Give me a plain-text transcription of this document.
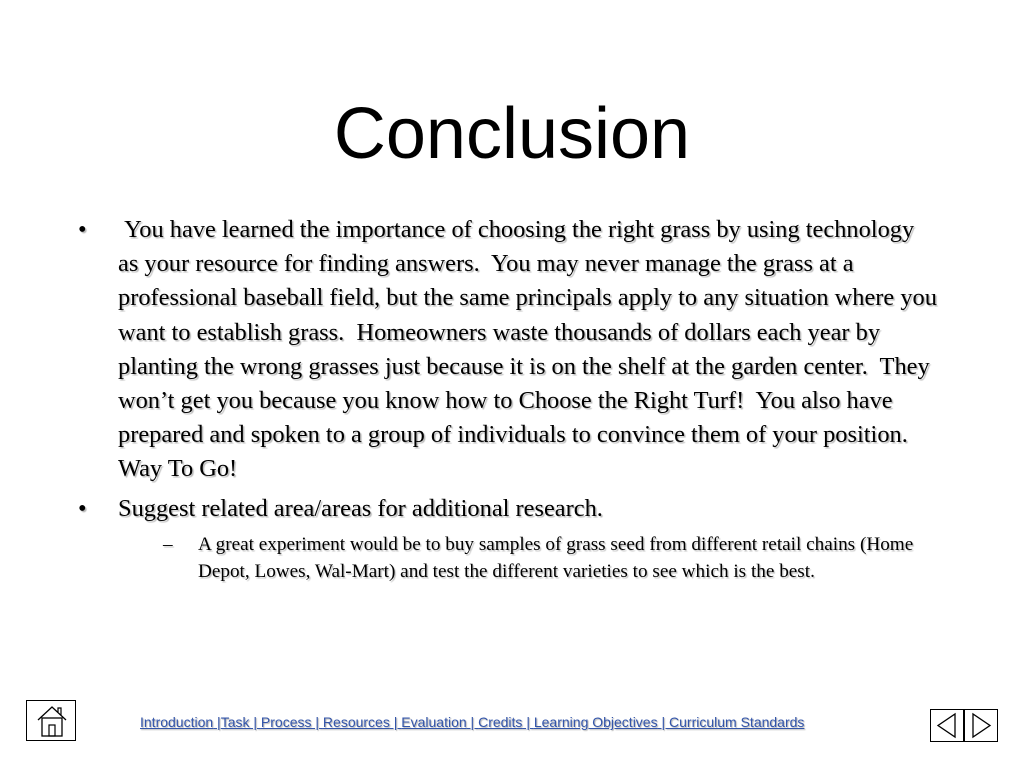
Conclusion
• You have learned the importance of choosing the right grass by using technology as your resource for finding answers.  You may never manage the grass at a professional baseball field, but the same principals apply to any situation where you want to establish grass.  Homeowners waste thousands of dollars each year by planting the wrong grasses just because it is on the shelf at the garden center.  They won’t get you because you know how to Choose the Right Turf!  You also have prepared and spoken to a group of individuals to convince them of your position.  Way To Go!
• Suggest related area/areas for additional research.
– A great experiment would be to buy samples of grass seed from different retail chains (Home Depot, Lowes, Wal-Mart) and test the different varieties to see which is the best.
Introduction |Task | Process | Resources | Evaluation | Credits | Learning Objectives | Curriculum Standards
